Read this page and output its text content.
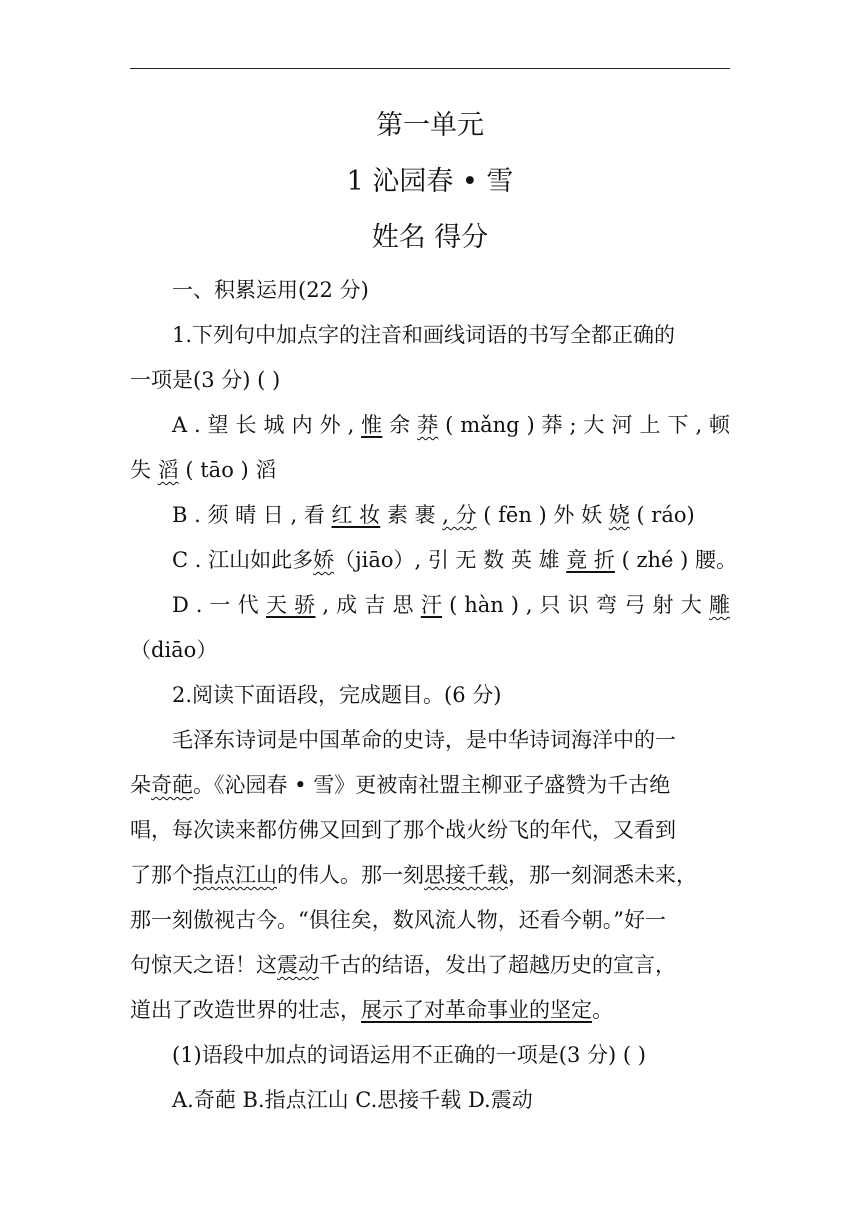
第一单元
1 沁园春 • 雪
姓名 得分
一、积累运用(22 分)
1.下列句中加点字的注音和画线词语的书写全都正确的
一项是(3 分) ( )
A . 望 长 城 内 外 , 惟 余 莽 ( mǎng ) 莽 ; 大 河 上 下 , 顿
失 滔 ( tāo ) 滔
B . 须 晴 日 , 看 红 妆 素 裹 , 分 ( fēn ) 外 妖 娆 ( ráo)
C . 江山如此多娇（jiāo）, 引 无 数 英 雄 竟 折 ( zhé ) 腰。
D . 一 代 天 骄 , 成 吉 思 汗 ( hàn ) , 只 识 弯 弓 射 大 雕
（diāo）
2.阅读下面语段，完成题目。(6 分)
毛泽东诗词是中国革命的史诗，是中华诗词海洋中的一
朵奇葩。《沁园春 • 雪》更被南社盟主柳亚子盛赞为千古绝
唱，每次读来都仿佛又回到了那个战火纷飞的年代，又看到
了那个指点江山的伟人。那一刻思接千载，那一刻洞悉未来，
那一刻傲视古今。“俱往矣，数风流人物，还看今朝。”好一
句惊天之语！这震动千古的结语，发出了超越历史的宣言，
道出了改造世界的壮志，展示了对革命事业的坚定。
(1)语段中加点的词语运用不正确的一项是(3 分) ( )
A.奇葩 B.指点江山 C.思接千载 D.震动
